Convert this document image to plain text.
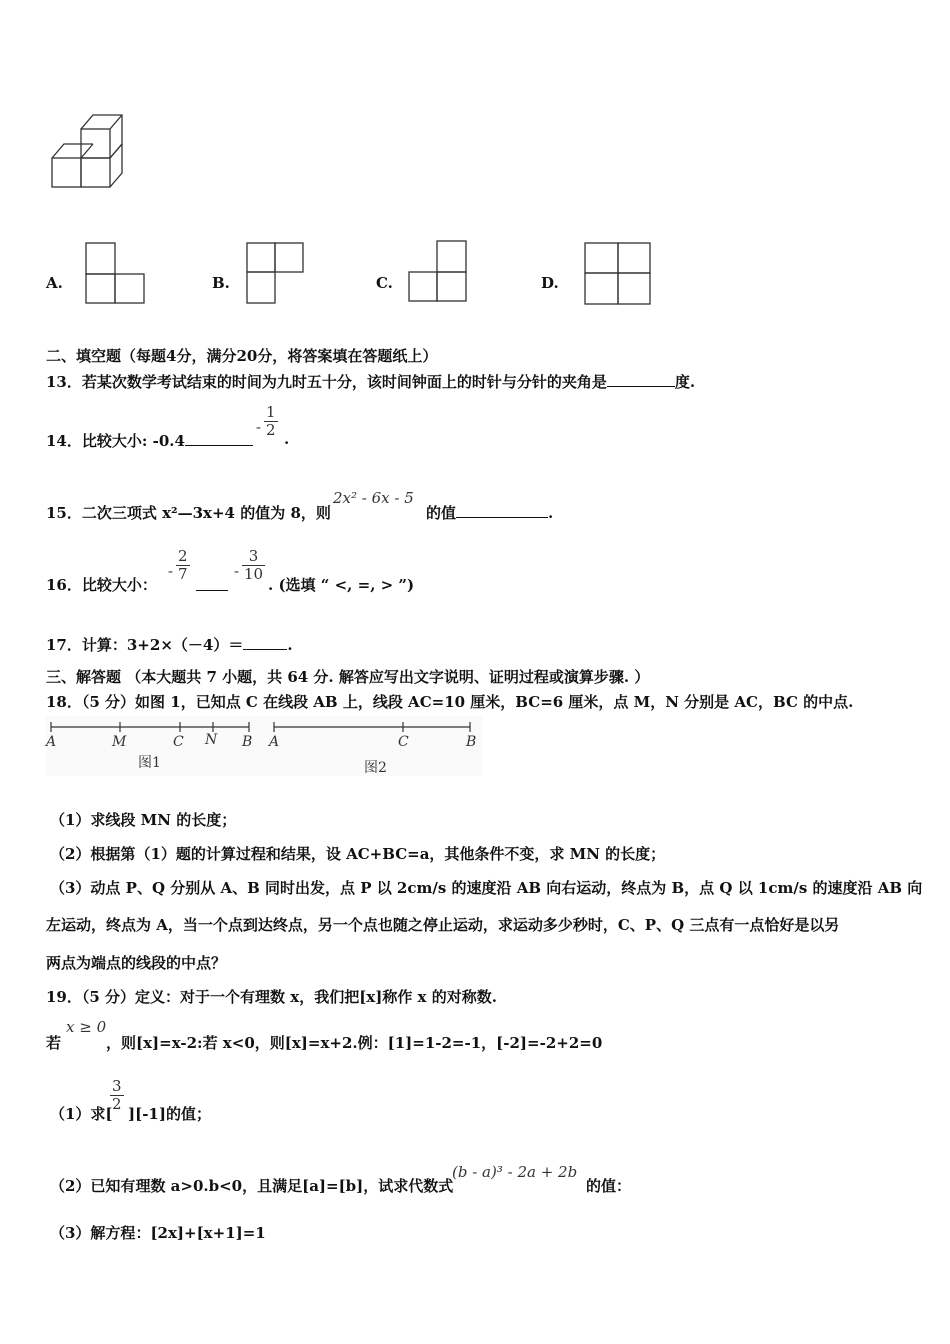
A.	B.	C.	D.
二、填空题（每题4分，满分20分，将答案填在答题纸上）
13．若某次数学考试结束的时间为九时五十分，该时间钟面上的时针与分针的夹角是	度.
14．比较大小: -0.4
- $\frac{1}{2}$
.
15．二次三项式 x²—3x+4 的值为 8，则
2x² - 6x - 5
的值	.
16．比较大小：
- $\frac{2}{7}$	- $\frac{3}{10}$
. (选填 “ <, =, > ”)
17．计算：3+2×（－4）＝	.
三、解答题 （本大题共 7 小题，共 64 分. 解答应写出文字说明、证明过程或演算步骤. ）
18．（5 分）如图 1，已知点 C 在线段 AB 上，线段 AC=10 厘米，BC=6 厘米，点 M，N 分别是 AC，BC 的中点.
A	M	C N B
图1
A	C	B
图2
（1）求线段 MN 的长度；
（2）根据第（1）题的计算过程和结果，设 AC+BC=a，其他条件不变，求 MN 的长度；
（3）动点 P、Q 分别从 A、B 同时出发，点 P 以 2cm/s 的速度沿 AB 向右运动，终点为 B，点 Q 以 1cm/s 的速度沿 AB 向
左运动，终点为 A，当一个点到达终点，另一个点也随之停止运动，求运动多少秒时，C、P、Q 三点有一点恰好是以另
两点为端点的线段的中点？
19．（5 分）定义：对于一个有理数 x，我们把[x]称作 x 的对称数.
若
x ≥ 0
，则[x]=x-2:若 x<0，则[x]=x+2.例：[1]=1-2=-1，[-2]=-2+2=0
（1）求[
$\frac{3}{2}$
][-1]的值；
（2）已知有理数 a>0.b<0，且满足[a]=[b]，试求代数式
(b - a)³ - 2a + 2b
的值：
（3）解方程：[2x]+[x+1]=1
